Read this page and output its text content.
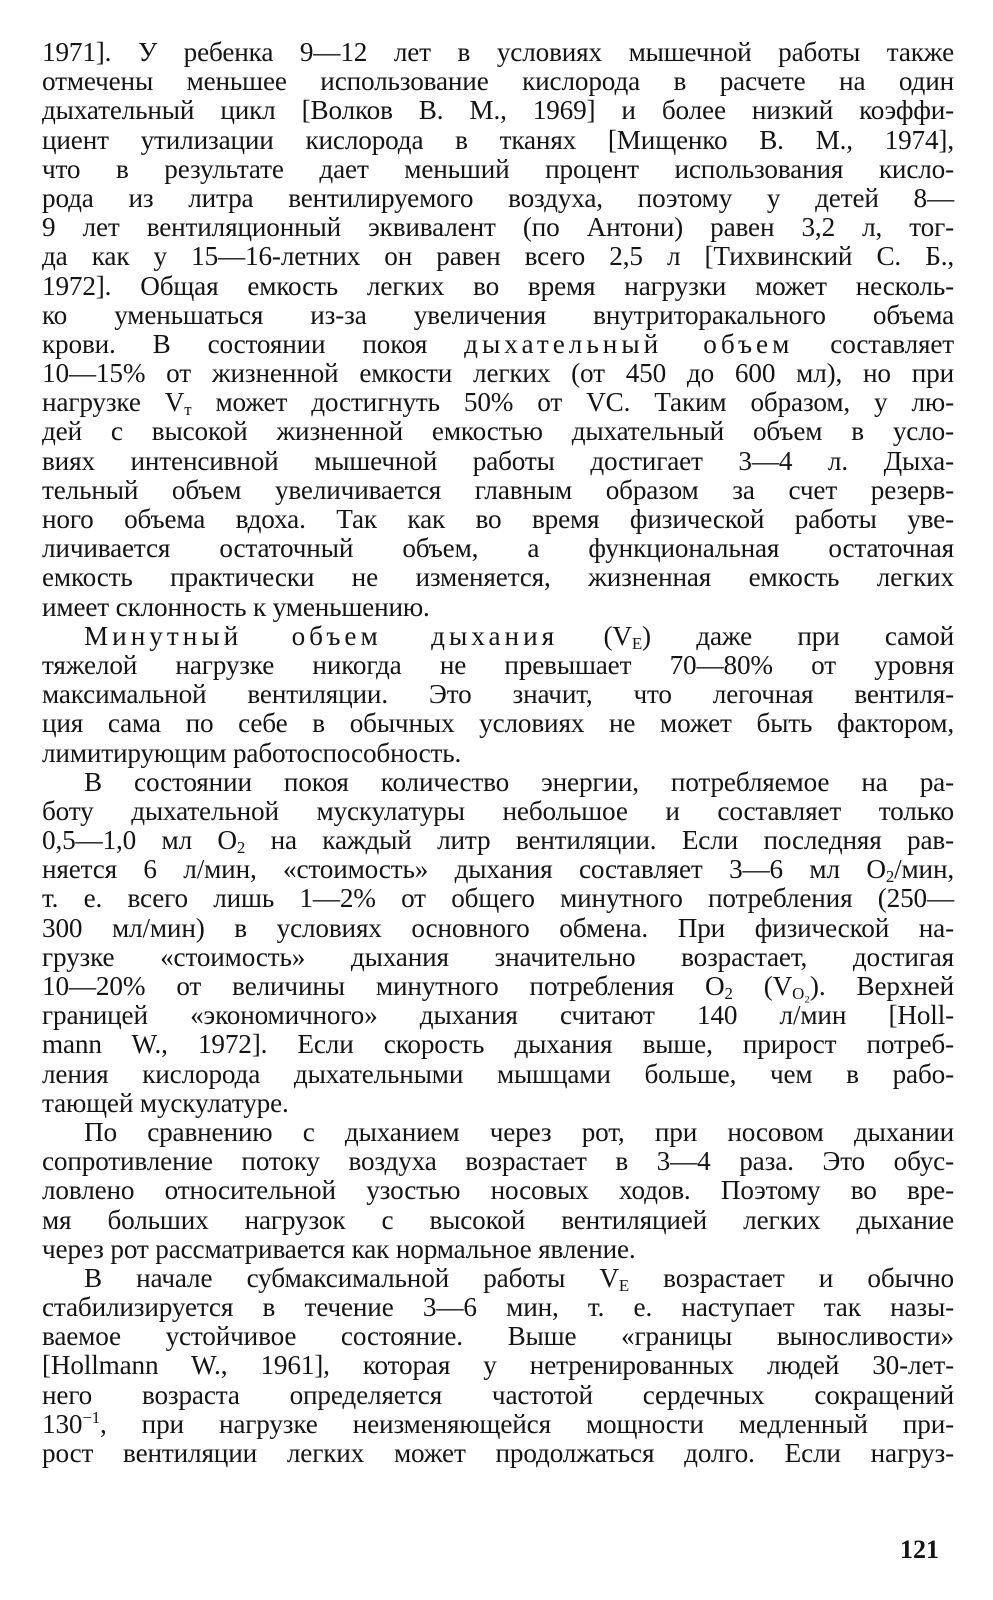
1971]. У ребенка 9—12 лет в условиях мышечной работы также
отмечены меньшее использование кислорода в расчете на один
дыхательный цикл [Волков В. М., 1969] и более низкий коэффи-
циент утилизации кислорода в тканях [Мищенко В. М., 1974],
что в результате дает меньший процент использования кисло-
рода из литра вентилируемого воздуха, поэтому у детей 8—
9 лет вентиляционный эквивалент (по Антони) равен 3,2 л, тог-
да как у 15—16-летних он равен всего 2,5 л [Тихвинский С. Б.,
1972]. Общая емкость легких во время нагрузки может несколь-
ко уменьшаться из-за увеличения внутриторакального объема
крови. В состоянии покоя дыхательный объем составляет
10—15% от жизненной емкости легких (от 450 до 600 мл), но при
нагрузке $V_т$ может достигнуть 50% от VC. Таким образом, у лю-
дей с высокой жизненной емкостью дыхательный объем в усло-
виях интенсивной мышечной работы достигает 3—4 л. Дыха-
тельный объем увеличивается главным образом за счет резерв-
ного объема вдоха. Так как во время физической работы уве-
личивается остаточный объем, а функциональная остаточная
емкость практически не изменяется, жизненная емкость легких
имеет склонность к уменьшению.
Минутный объем дыхания $(V_E)$ даже при самой
тяжелой нагрузке никогда не превышает 70—80% от уровня
максимальной вентиляции. Это значит, что легочная вентиля-
ция сама по себе в обычных условиях не может быть фактором,
лимитирующим работоспособность.
В состоянии покоя количество энергии, потребляемое на ра-
боту дыхательной мускулатуры небольшое и составляет только
0,5—1,0 мл $O_2$ на каждый литр вентиляции. Если последняя рав-
няется 6 л/мин, «стоимость» дыхания составляет 3—6 мл $O_2$/мин,
т. е. всего лишь 1—2% от общего минутного потребления (250—
300 мл/мин) в условиях основного обмена. При физической на-
грузке «стоимость» дыхания значительно возрастает, достигая
10—20% от величины минутного потребления $O_2$ $(V_{O_2})$. Верхней
границей «экономичного» дыхания считают 140 л/мин [Holl-
mann W., 1972]. Если скорость дыхания выше, прирост потреб-
ления кислорода дыхательными мышцами больше, чем в рабо-
тающей мускулатуре.
По сравнению с дыханием через рот, при носовом дыхании
сопротивление потоку воздуха возрастает в 3—4 раза. Это обус-
ловлено относительной узостью носовых ходов. Поэтому во вре-
мя больших нагрузок с высокой вентиляцией легких дыхание
через рот рассматривается как нормальное явление.
В начале субмаксимальной работы $V_E$ возрастает и обычно
стабилизируется в течение 3—6 мин, т. е. наступает так назы-
ваемое устойчивое состояние. Выше «границы выносливости»
[Hollmann W., 1961], которая у нетренированных людей 30-лет-
него возраста определяется частотой сердечных сокращений
$130^{-1}$, при нагрузке неизменяющейся мощности медленный при-
рост вентиляции легких может продолжаться долго. Если нагруз-
121
